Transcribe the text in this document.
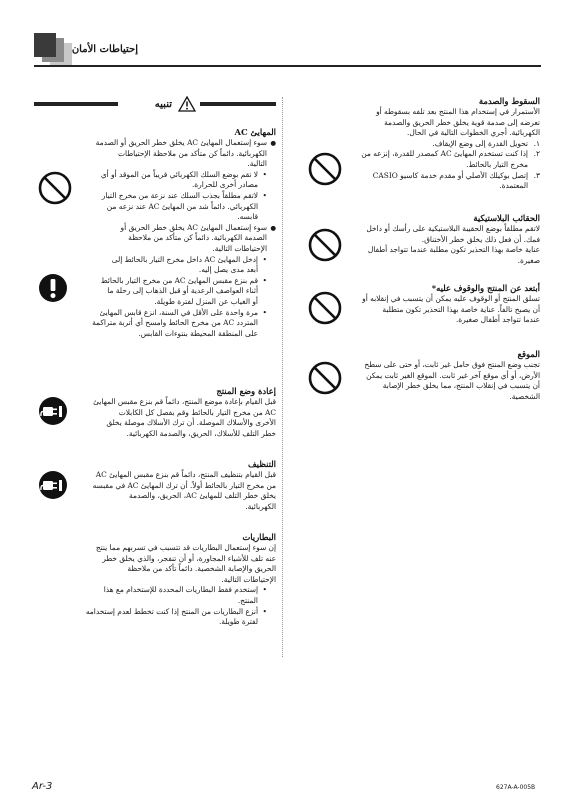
إحتياطات الأمان
السقوط والصدمة
الأستمرار في إستخدام هذا المنتج بعد تلفه بسقوطه أو
تعرضه إلى صدمة قوية يخلق خطر الحريق والصدمة
الكهربائية. أجري الخطوات التالية في الحال.
١.
تحويل القدرة إلى وضع الإيقاف.
٢.
إذا كنت تستخدم المهايئ AC كمصدر للقدرة، إنزعه من
مخرج التيار بالحائط.
٣.
إتصل بوكيلك الأصلي أو مقدم خدمة كاسيو CASIO
المعتمدة.
الحقائب البلاستيكية
لاتقم مطلقاً بوضع الحقيبة البلاستيكية على رأسك أو داخل
فمك. أن فعل ذلك يخلق خطر الأختناق.
عناية خاصة بهذا التحذير تكون مطلبة عندما تتواجد أطفال
صغيرة.
أبتعد عن المنتج والوقوف عليه*
تسلق المنتج أو الوقوف عليه يمكن أن يتسبب في إنقلابه أو
أن يصبح تالفاً. عناية خاصة بهذا التحذير تكون متطلبة
عندما تتواجد أطفال صغيرة.
الموقع
تجنب وضع المنتج فوق حامل غير ثابت، أو حتى على سطح
الأرض، أو أي موقع آخر غير ثابت. الموقع الغير ثابت يمكن
أن يتسبب في إنقلاب المنتج، مما يخلق خطر الإصابة
الشخصية.
تنبيه
المهايئ AC
● سوء إستعمال المهايئ AC يخلق خطر الحريق أو الصدمة
الكهربائية. دائماً كن متأكد من ملاحظة الإحتياطات
التالية.
• لا تقم بوضع السلك الكهربائي قريباً من الموقد أو أي
مصادر أخرى للحرارة.
• لاتقم مطلقاً بجذب السلك عند نزعة من مخرج التيار
الكهربائي. دائماً شد من المهايئ AC عند نزعه من
قابسه.
● سوء إستعمال المهايئ AC يخلق خطر الحريق أو
الصدمة الكهربائية. دائماً كن متأكد من ملاحظة
الإحتياطات التالية.
• إدخل المهايئ AC داخل مخرج التيار بالحائط إلى
أبعد مدى يصل إليه.
• قم بنزع مقبس المهايئ AC من مخرج التيار بالحائط
أثناء العواصف الرعدية أو قبل الذهاب إلى رحلة ما
أو الغياب عن المنزل لفترة طويلة.
• مرة واحدة على الأقل في السنة، انزع قابس المهايئ
المتردد AC من مخرج الحائط وامسح أي أتربة متراكمة
على المنطقة المحيطة بنتوءات القابس.
إعادة وضع المنتج
قبل القيام بإعادة موضع المنتج، دائماً قم بنزع مقبس المهايئ
AC من مخرج التيار بالحائط وقم بفصل كل الكابلات
الأخرى والأسلاك الموصلة. أن ترك الأسلاك موصلة يخلق
خطر التلف للأسلاك، الحريق، والصدمة الكهربائية.
التنظيف
قبل القيام بتنظيف المنتج، دائماً قم بنزع مقبس المهايئ AC
من مخرج التيار بالحائط أولاً. أن ترك المهايئ AC في مقبسه
يخلق خطر التلف للمهايئ AC، الحريق، والصدمة
الكهربائية.
البطاريات
إن سوء إستعمال البطاريات قد تتسبب في تسربهم مما ينتج
عنه تلف للأشياء المجاورة، أو أن تنفجر، والذي يخلق خطر
الحريق والإصابة الشخصية. دائماً تأكد من ملاحظة
الإحتياطات التالية.
• إستخدم فقط البطاريات المحددة للإستخدام مع هذا
المنتج.
• أنزع البطاريات من المنتج إذا كنت تخطط لعدم إستخدامه
لفترة طويلة.
Ar-3	627A-A-005B
